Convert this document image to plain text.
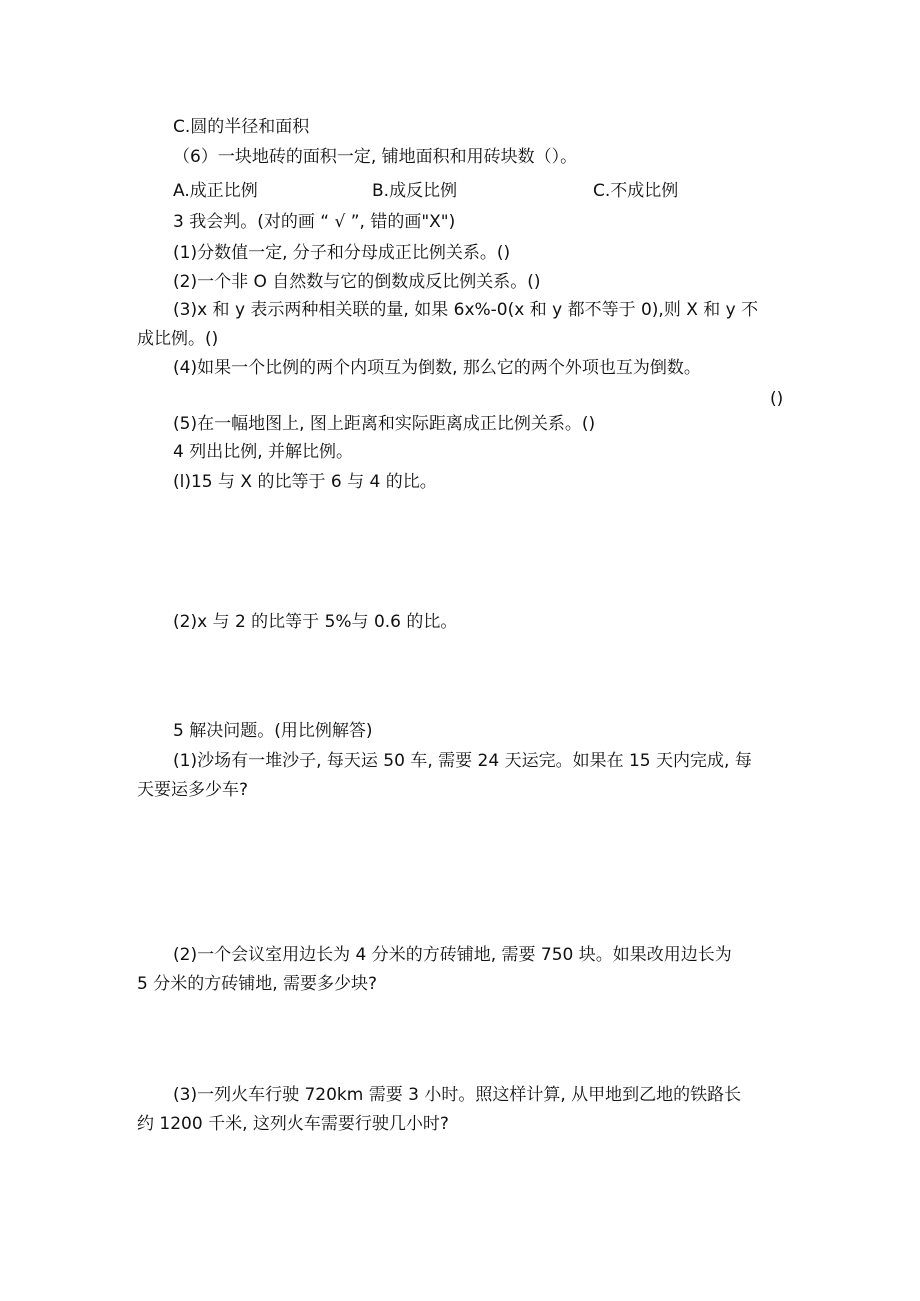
C.圆的半径和面积

（6）一块地砖的面积一定, 铺地面积和用砖块数（）。

A.成正比例	B.成反比例	C.不成比例

3 我会判。(对的画 “ √ ”, 错的画"X")

(1)分数值一定, 分子和分母成正比例关系。()

(2)一个非 O 自然数与它的倒数成反比例关系。()

(3)x 和 y 表示两种相关联的量, 如果 6x%-0(x 和 y 都不等于 0),则 X 和 y 不

成比例。()

(4)如果一个比例的两个内项互为倒数, 那么它的两个外项也互为倒数。

()

(5)在一幅地图上, 图上距离和实际距离成正比例关系。()

4 列出比例, 并解比例。

(l)15 与 X 的比等于 6 与 4 的比。

(2)x 与 2 的比等于 5%与 0.6 的比。

5 解决问题。(用比例解答)

(1)沙场有一堆沙子, 每天运 50 车, 需要 24 天运完。如果在 15 天内完成, 每

天要运多少车?

(2)一个会议室用边长为 4 分米的方砖铺地, 需要 750 块。如果改用边长为

5 分米的方砖铺地, 需要多少块?

(3)一列火车行驶 720km 需要 3 小时。照这样计算, 从甲地到乙地的铁路长

约 1200 千米, 这列火车需要行驶几小时?
